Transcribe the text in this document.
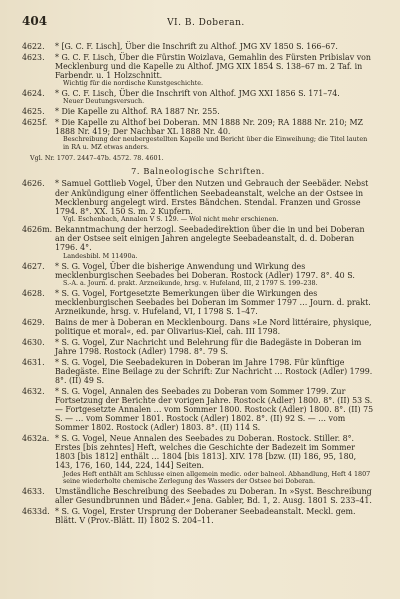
404	VI. B. Doberan.
4622. * [G. C. F. Lisch], Über die Inschrift zu Althof. JMG XV 1850 S. 166–67.
4623. * G. C. F. Lisch, Über die Fürstin Woizlava, Gemahlin des Fürsten Pribislav von Mecklenburg und die Kapelle zu Althof. JMG XIX 1854 S. 138–67 m. 2 Taf. in Farbendr. u. 1 Holzschnitt.
Wichtig für die nordische Kunstgeschichte.
4624. * G. C. F. Lisch, Über die Inschrift von Althof. JMG XXI 1856 S. 171–74.
Neuer Deutungsversuch.
4625. * Die Kapelle zu Althof. RA 1887 Nr. 255.
4625f. * Die Kapelle zu Althof bei Doberan. MN 1888 Nr. 209; RA 1888 Nr. 210; MZ 1888 Nr. 419; Der Nachbar XL 1888 Nr. 40.
Beschreibung der neubergestellten Kapelle und Bericht über die Einweihung; die Titel lauten in RA u. MZ etwas anders.
Vgl. Nr. 1707. 2447–47b. 4572. 78. 4601.
7. Balneologische Schriften.
4626. * Samuel Gottlieb Vogel, Über den Nutzen und Gebrauch der Seebäder. Nebst der Ankündigung einer öffentlichen Seebadeanstalt, welche an der Ostsee in Mecklenburg angelegt wird. Erstes Bändchen. Stendal. Franzen und Grosse 1794. 8°. XX. 150 S. m. 2 Kupfern.
Vgl. Eschenbach, Annalen V S. 129. — Wol nicht mehr erschienen.
4626m. Bekanntmachung der herzogl. Seebadedirektion über die in und bei Doberan an der Ostsee seit einigen Jahren angelegte Seebadeanstalt, d. d. Doberan 1796. 4°.
Landesbibl. M 11490a.
4627. * S. G. Vogel, Über die bisherige Anwendung und Wirkung des mecklenburgischen Seebades bei Doberan. Rostock (Adler) 1797. 8°. 40 S.
S.-A. a. Journ. d. prakt. Arzneikunde, hrsg. v. Hufeland, III, 2 1797 S. 199–238.
4628. * S. G. Vogel, Fortgesetzte Bemerkungen über die Wirkungen des mecklenburgischen Seebades bei Doberan im Sommer 1797 … Journ. d. prakt. Arzneikunde, hrsg. v. Hufeland, VI, I 1798 S. 1–47.
4629. Bains de mer à Doberan en Mecklenbourg. Dans »Le Nord littéraire, physique, politique et moral«, ed. par Olivarius-Kiel, cah. III 1798.
4630. * S. G. Vogel, Zur Nachricht und Belehrung für die Badegäste in Doberan im Jahre 1798. Rostock (Adler) 1798. 8°. 79 S.
4631. * S. G. Vogel, Die Seebadekuren in Doberan im Jahre 1798. Für künftige Badegäste. Eine Beilage zu der Schrift: Zur Nachricht … Rostock (Adler) 1799. 8°. (II) 49 S.
4632. * S. G. Vogel, Annalen des Seebades zu Doberan vom Sommer 1799. Zur Fortsetzung der Berichte der vorigen Jahre. Rostock (Adler) 1800. 8°. (II) 53 S. — Fortgesetzte Annalen … vom Sommer 1800. Rostock (Adler) 1800. 8°. (II) 75 S. — … vom Sommer 1801. Rostock (Adler) 1802. 8°. (II) 92 S. — … vom Sommer 1802. Rostock (Adler) 1803. 8°. (II) 114 S.
4632a. * S. G. Vogel, Neue Annalen des Seebades zu Doberan. Rostock. Stiller. 8°. Erstes [bis zehntes] Heft, welches die Geschichte der Badezeit im Sommer 1803 [bis 1812] enthält … 1804 [bis 1813]. XIV. 178 [bzw. (II) 186, 95, 180, 143, 176, 160, 144, 224, 144] Seiten.
Jedes Heft enthält am Schlusse einen allgemein medic. oder balneol. Abhandlung, Heft 4 1807 seine wiederholte chemische Zerlegung des Wassers der Ostsee bei Doberan.
4633. Umständliche Beschreibung des Seebades zu Doberan. In »Syst. Beschreibung aller Gesundbrunnen und Bäder.« Jena. Gabler, Bd. 1, 2. Ausg. 1801 S. 233–41.
4633d. * S. G. Vogel, Erster Ursprung der Doberaner Seebadeanstalt. Meckl. gem. Blätt. V (Prov.-Blätt. II) 1802 S. 204–11.
